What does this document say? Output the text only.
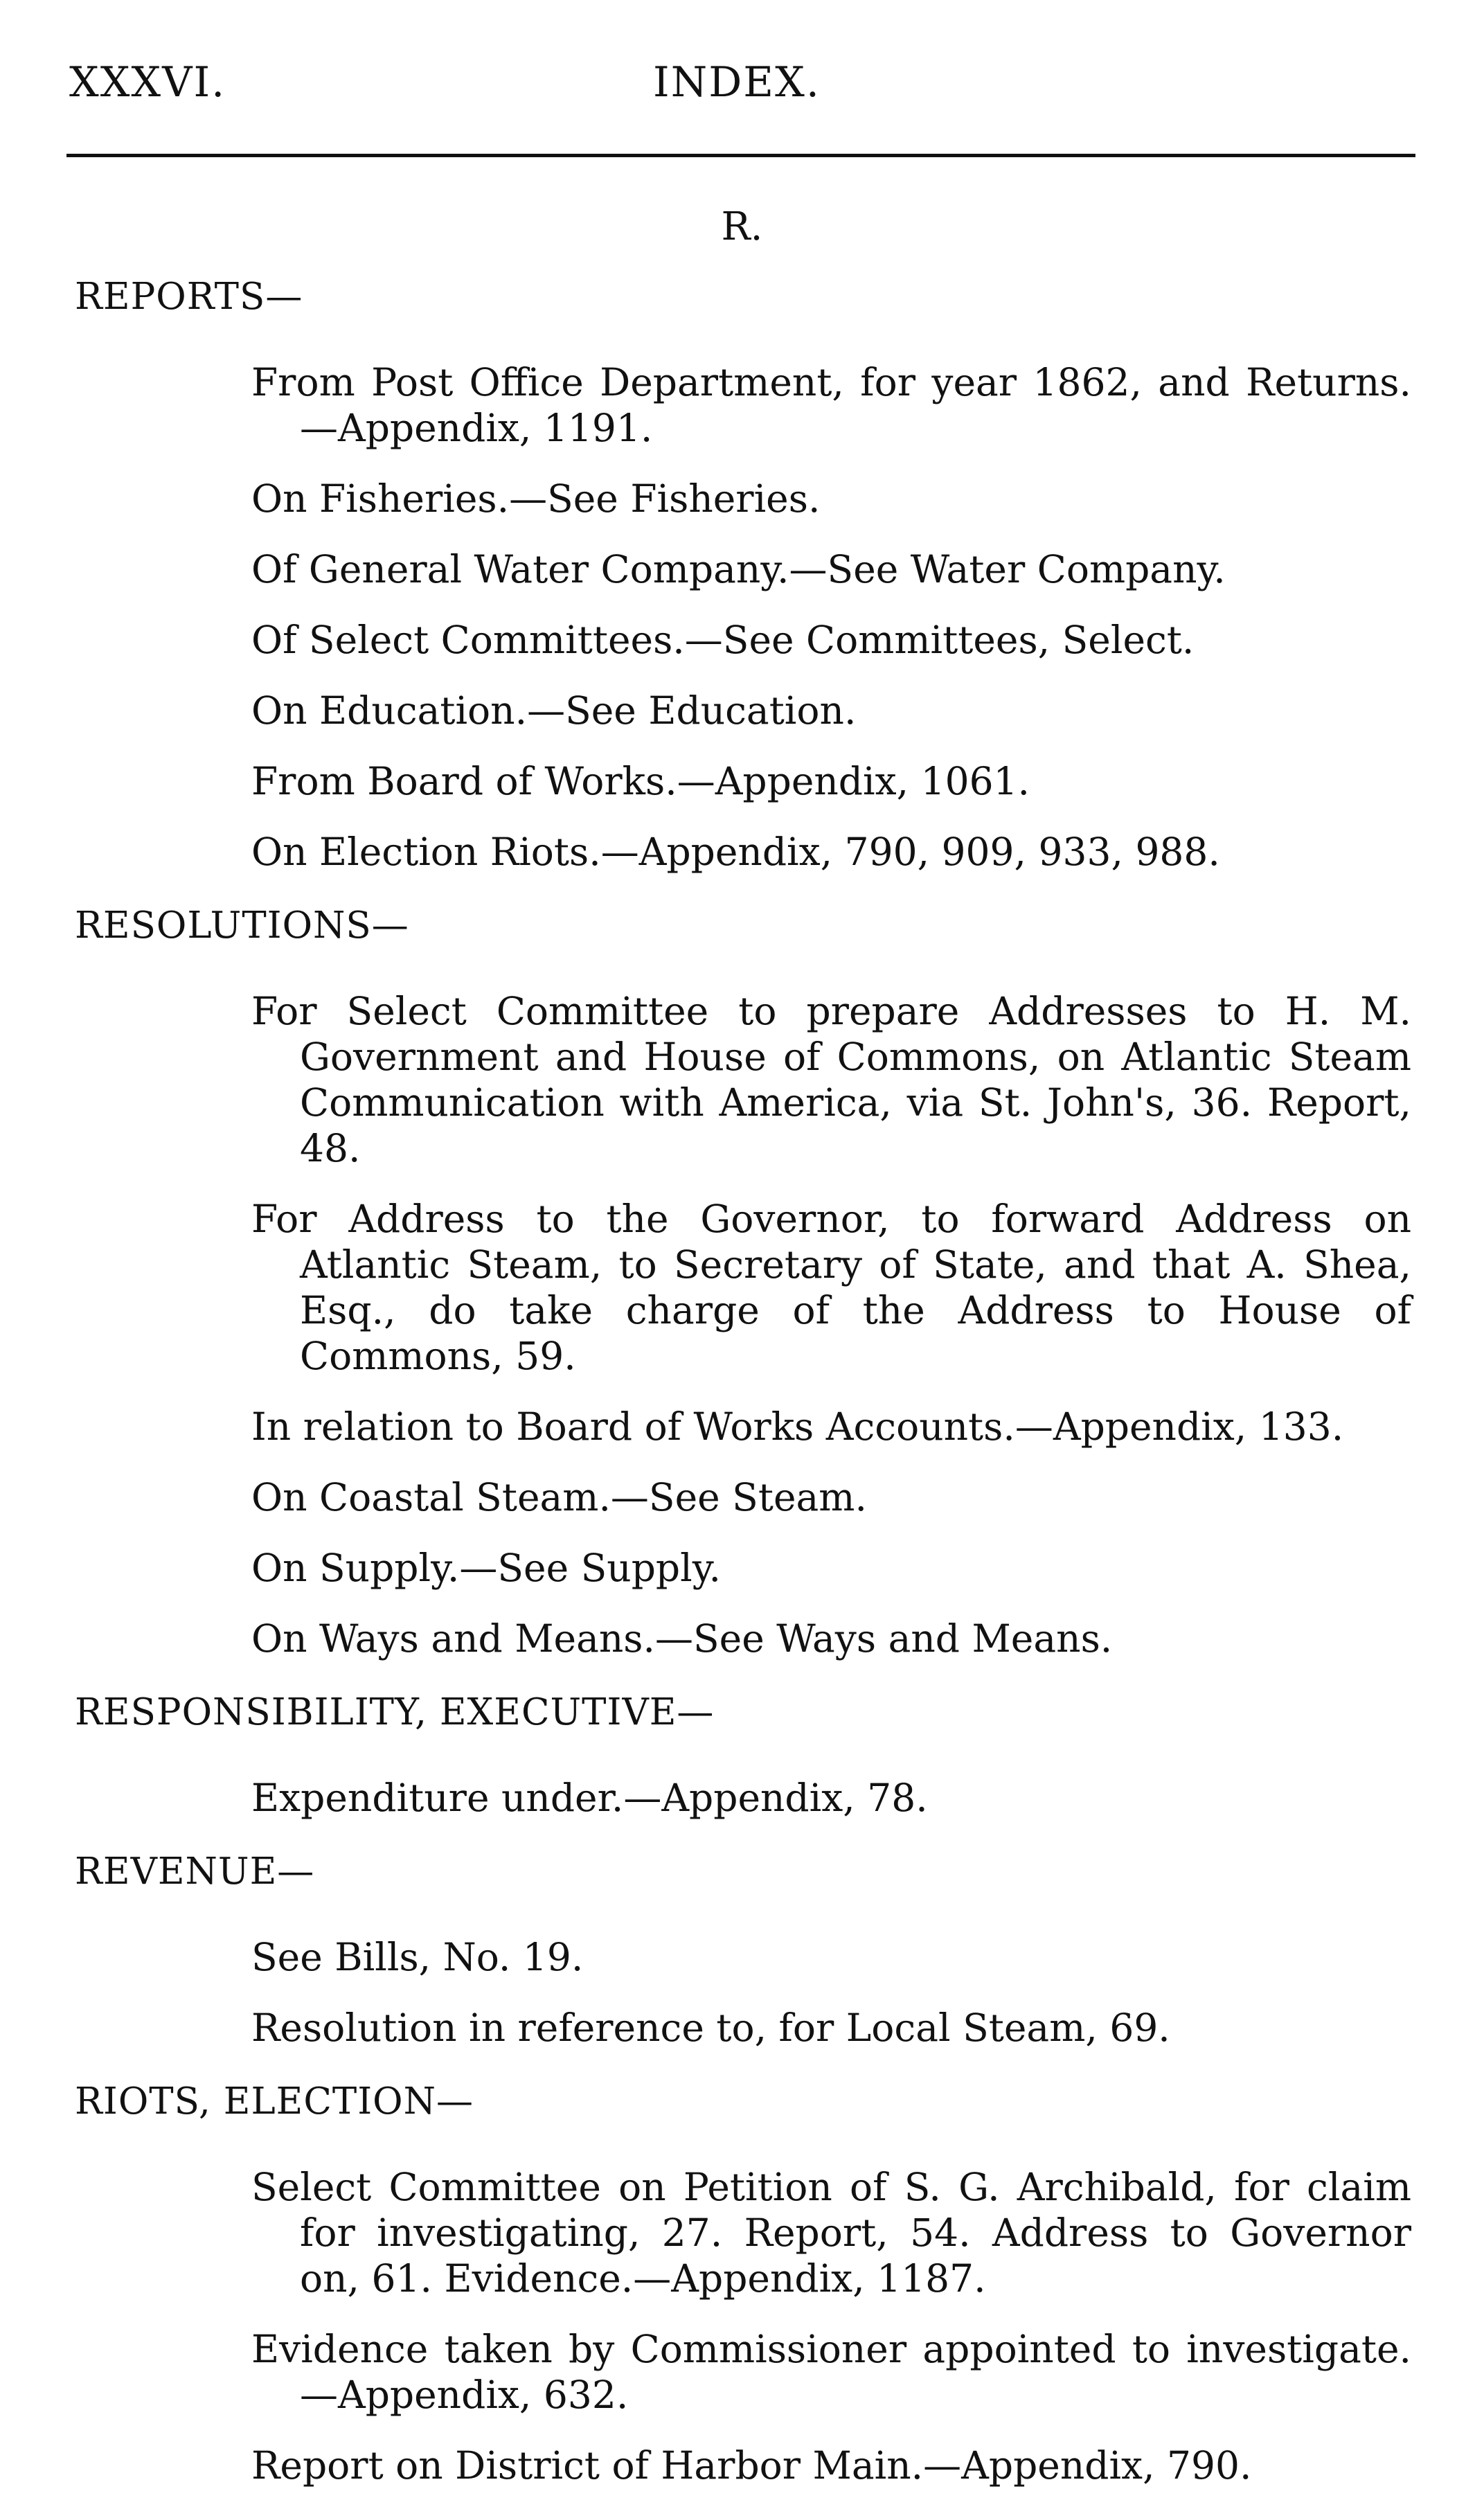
XXXVI.	INDEX.
R.
REPORTS—
From Post Office Department, for year 1862, and Returns.—Appendix, 1191.
On Fisheries.—See Fisheries.
Of General Water Company.—See Water Company.
Of Select Committees.—See Committees, Select.
On Education.—See Education.
From Board of Works.—Appendix, 1061.
On Election Riots.—Appendix, 790, 909, 933, 988.
RESOLUTIONS—
For Select Committee to prepare Addresses to H. M. Government and House of Commons, on Atlantic Steam Communication with America, via St. John's, 36. Report, 48.
For Address to the Governor, to forward Address on Atlantic Steam, to Secretary of State, and that A. Shea, Esq., do take charge of the Address to House of Commons, 59.
In relation to Board of Works Accounts.—Appendix, 133.
On Coastal Steam.—See Steam.
On Supply.—See Supply.
On Ways and Means.—See Ways and Means.
RESPONSIBILITY, EXECUTIVE—
Expenditure under.—Appendix, 78.
REVENUE—
See Bills, No. 19.
Resolution in reference to, for Local Steam, 69.
RIOTS, ELECTION—
Select Committee on Petition of S. G. Archibald, for claim for investigating, 27. Report, 54. Address to Governor on, 61. Evidence.—Appendix, 1187.
Evidence taken by Commissioner appointed to investigate.—Appendix, 632.
Report on District of Harbor Main.—Appendix, 790.
